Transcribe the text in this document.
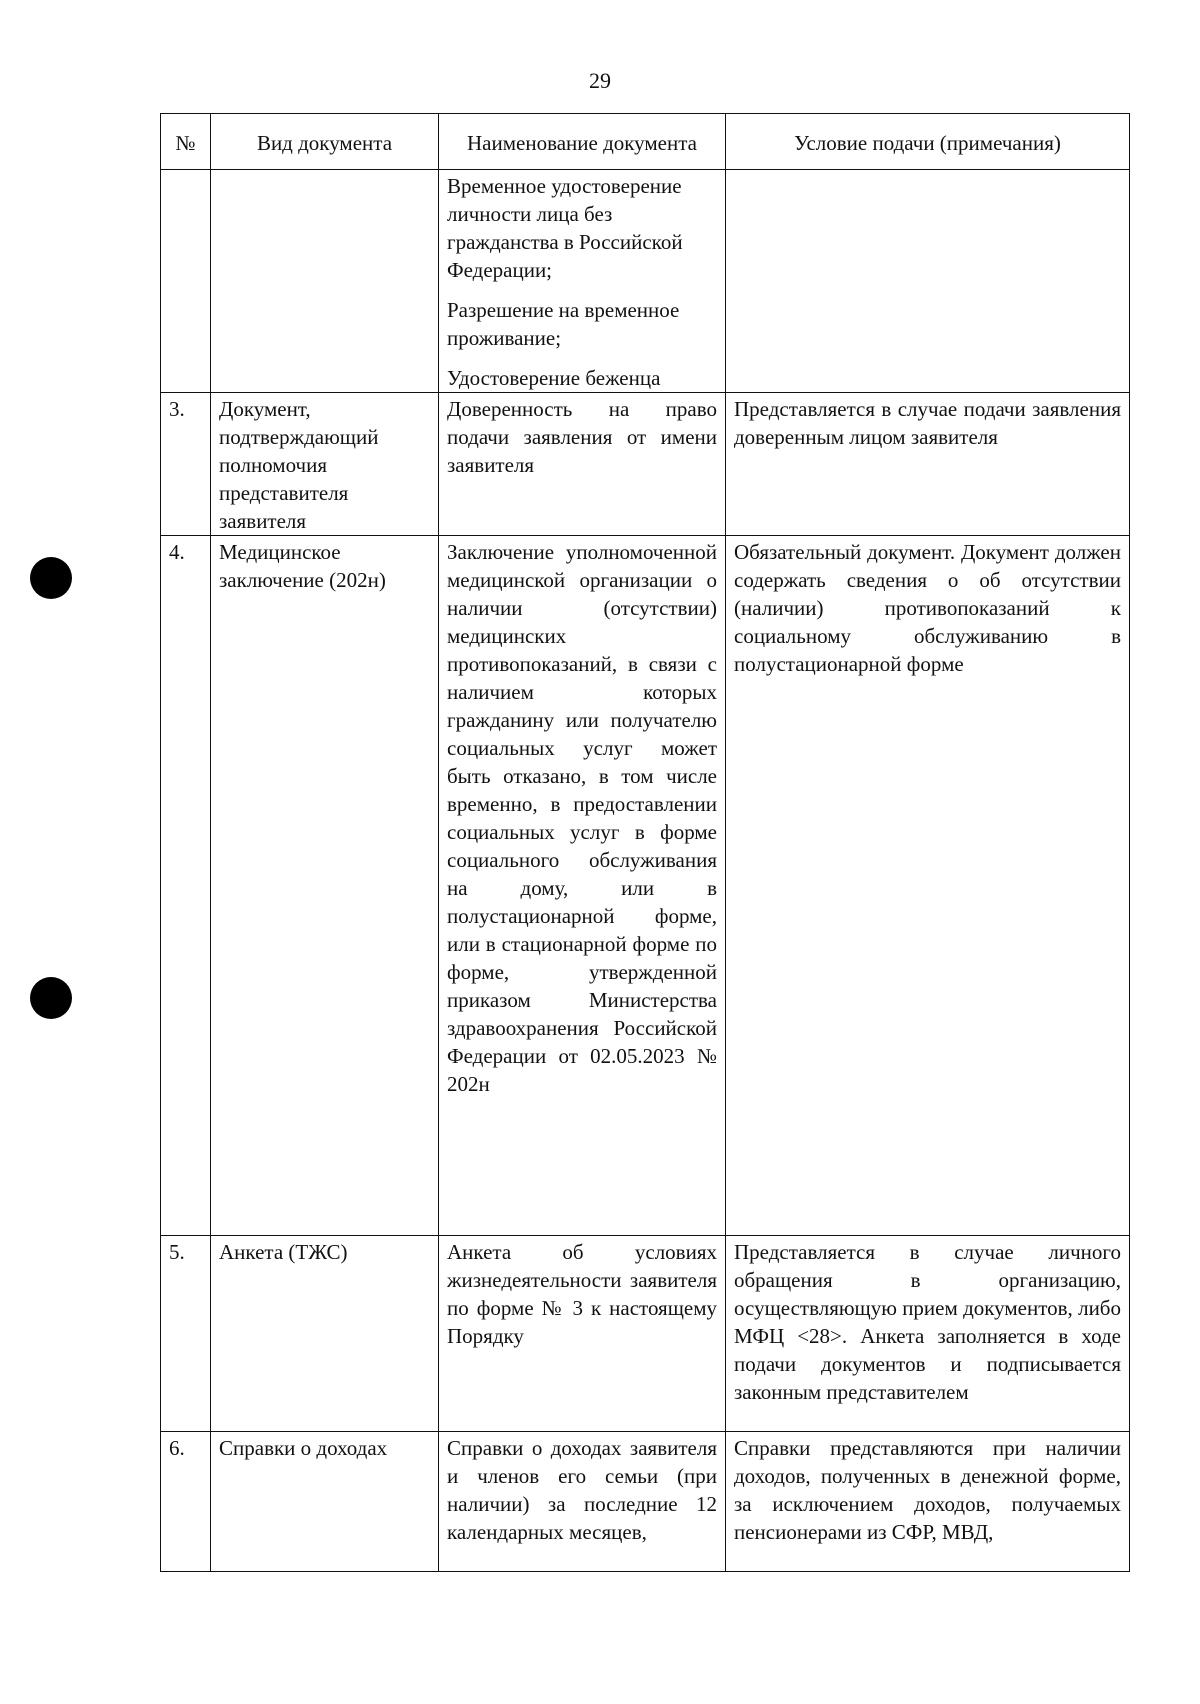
29
№	Вид документа	Наименование документа	Условие подачи (примечания)

		Временное удостоверение личности лица без гражданства в Российской Федерации;
Разрешение на временное проживание;
Удостоверение беженца	

3.	Документ, подтверждающий полномочия представителя заявителя	Доверенность на право подачи заявления от имени заявителя	Представляется в случае подачи заявления доверенным лицом заявителя
4.	Медицинское заключение (202н)	Заключение уполномоченной медицинской организации о наличии (отсутствии) медицинских противопоказаний, в связи с наличием которых гражданину или получателю социальных услуг может быть отказано, в том числе временно, в предоставлении социальных услуг в форме социального обслуживания на дому, или в полустационарной форме, или в стационарной форме по форме, утвержденной приказом Министерства здравоохранения Российской Федерации от 02.05.2023 № 202н	Обязательный документ. Документ должен содержать сведения о об отсутствии (наличии) противопоказаний к социальному обслуживанию в полустационарной форме
5.	Анкета (ТЖС)	Анкета об условиях жизнедеятельности заявителя по форме № 3 к настоящему Порядку	Представляется в случае личного обращения в организацию, осуществляющую прием документов, либо МФЦ <28>. Анкета заполняется в ходе подачи документов и подписывается законным представителем
6.	Справки о доходах	Справки о доходах заявителя и членов его семьи (при наличии) за последние 12 календарных месяцев,	Справки представляются при наличии доходов, полученных в денежной форме, за исключением доходов, получаемых пенсионерами из СФР, МВД,
